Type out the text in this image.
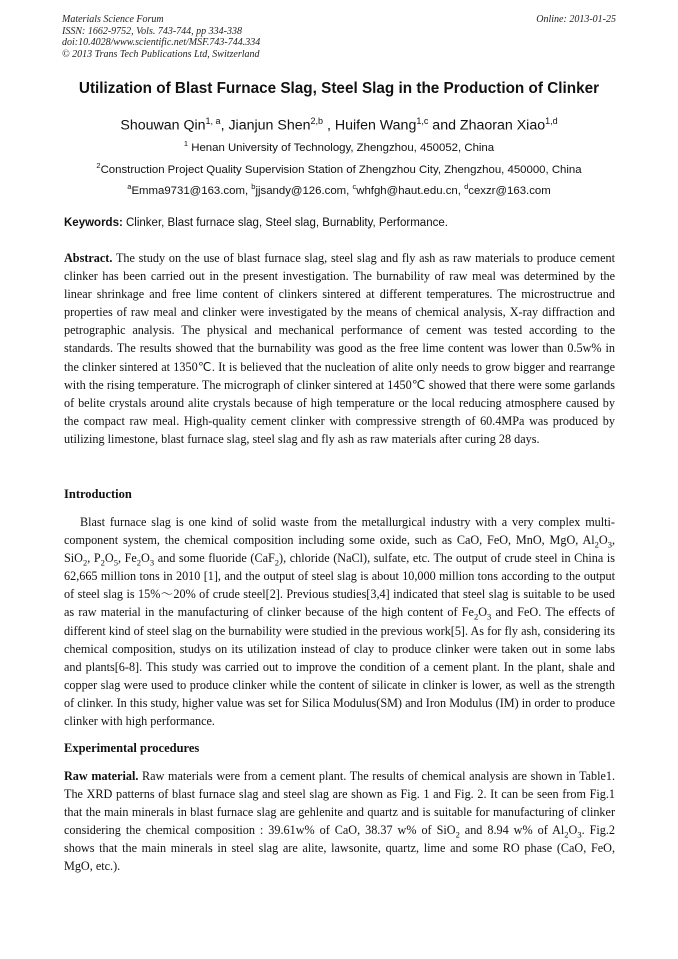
Materials Science Forum
ISSN: 1662-9752, Vols. 743-744, pp 334-338
doi:10.4028/www.scientific.net/MSF.743-744.334
© 2013 Trans Tech Publications Ltd, Switzerland
Online: 2013-01-25
Utilization of Blast Furnace Slag, Steel Slag in the Production of Clinker
Shouwan Qin$^{1, a}$, Jianjun Shen$^{2,b}$ , Huifen Wang$^{1,c}$ and Zhaoran Xiao$^{1,d}$
$^1$ Henan University of Technology, Zhengzhou, 450052, China
$^2$Construction Project Quality Supervision Station of Zhengzhou City, Zhengzhou, 450000, China
$^a$Emma9731@163.com, $^b$jjsandy@126.com, $^c$whfgh@haut.edu.cn, $^d$cexzr@163.com
Keywords: Clinker, Blast furnace slag, Steel slag, Burnablity, Performance.
Abstract. The study on the use of blast furnace slag, steel slag and fly ash as raw materials to produce cement clinker has been carried out in the present investigation. The burnability of raw meal was determined by the linear shrinkage and free lime content of clinkers sintered at different temperatures. The microstructrue and properties of raw meal and clinker were investigated by the means of chemical analysis, X-ray diffraction and petrographic analysis. The physical and mechanical performance of cement was tested according to the standards. The results showed that the burnability was good as the free lime content was lower than 0.5w% in the clinker sintered at 1350℃. It is believed that the nucleation of alite only needs to grow bigger and rearrange with the rising temperature. The micrograph of clinker sintered at 1450℃ showed that there were some garlands of belite crystals around alite crystals because of high temperature or the local reducing atmosphere caused by the compact raw meal. High-quality cement clinker with compressive strength of 60.4MPa was produced by utilizing limestone, blast furnace slag, steel slag and fly ash as raw materials after curing 28 days.
Introduction
Blast furnace slag is one kind of solid waste from the metallurgical industry with a very complex multi-component system, the chemical composition including some oxide, such as CaO, FeO, MnO, MgO, $Al_2O_3$, SiO$_2$, $P_2O_5$, $Fe_2O_3$ and some fluoride (CaF$_2$), chloride (NaCl), sulfate, etc. The output of crude steel in China is 62,665 million tons in 2010 [1], and the output of steel slag is about 10,000 million tons according to the output of steel slag is 15%～20% of crude steel[2]. Previous studies[3,4] indicated that steel slag is suitable to be used as raw material in the manufacturing of clinker because of the high content of $Fe_2O_3$ and FeO. The effects of different kind of steel slag on the burnability were studied in the previous work[5]. As for fly ash, considering its chemical composition, studys on its utilization instead of clay to produce clinker were taken out in some labs and plants[6-8]. This study was carried out to improve the condition of a cement plant. In the plant, shale and copper slag were used to produce clinker while the content of silicate in clinker is lower, as well as the strength of clinker. In this study, higher value was set for Silica Modulus(SM) and Iron Modulus (IM) in order to produce clinker with high performance.
Experimental procedures
Raw material. Raw materials were from a cement plant. The results of chemical analysis are shown in Table1. The XRD patterns of blast furnace slag and steel slag are shown as Fig. 1 and Fig. 2. It can be seen from Fig.1 that the main minerals in blast furnace slag are gehlenite and quartz and is suitable for manufacturing of clinker considering the chemical composition : 39.61w% of CaO, 38.37 w% of SiO$_2$ and 8.94 w% of $Al_2O_3$. Fig.2 shows that the main minerals in steel slag are alite, lawsonite, quartz, lime and some RO phase (CaO, FeO, MgO, etc.).
